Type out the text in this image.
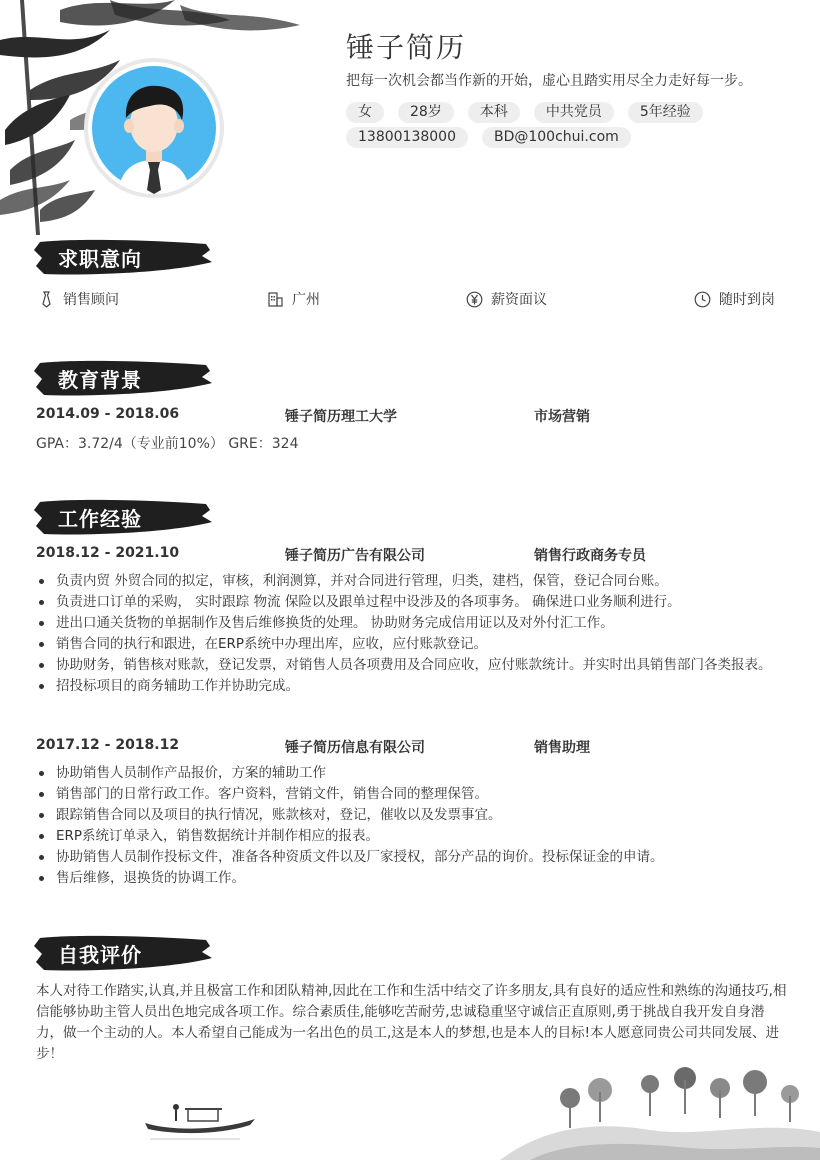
锤子简历
把每一次机会都当作新的开始，虚心且踏实用尽全力走好每一步。
女	28岁	本科	中共党员	5年经验
13800138000	BD@100chui.com
求职意向
销售顾问	广州	薪资面议	随时到岗
教育背景
2014.09 - 2018.06	锤子简历理工大学	市场营销
GPA：3.72/4（专业前10%） GRE：324
工作经验
2018.12 - 2021.10	锤子简历广告有限公司	销售行政商务专员
负责内贸 外贸合同的拟定，审核，利润测算，并对合同进行管理，归类，建档，保管，登记合同台账。
负责进口订单的采购， 实时跟踪 物流 保险以及跟单过程中设涉及的各项事务。 确保进口业务顺利进行。
进出口通关货物的单据制作及售后维修换货的处理。 协助财务完成信用证以及对外付汇工作。
销售合同的执行和跟进，在ERP系统中办理出库，应收，应付账款登记。
协助财务，销售核对账款，登记发票，对销售人员各项费用及合同应收，应付账款统计。并实时出具销售部门各类报表。
招投标项目的商务辅助工作并协助完成。
2017.12 - 2018.12	锤子简历信息有限公司	销售助理
协助销售人员制作产品报价，方案的辅助工作
销售部门的日常行政工作。客户资料，营销文件，销售合同的整理保管。
跟踪销售合同以及项目的执行情况，账款核对，登记，催收以及发票事宜。
ERP系统订单录入，销售数据统计并制作相应的报表。
协助销售人员制作投标文件，准备各种资质文件以及厂家授权，部分产品的询价。投标保证金的申请。
售后维修，退换货的协调工作。
自我评价
本人对待工作踏实,认真,并且极富工作和团队精神,因此在工作和生活中结交了许多朋友,具有良好的适应性和熟练的沟通技巧,相信能够协助主管人员出色地完成各项工作。综合素质佳,能够吃苦耐劳,忠诚稳重坚守诚信正直原则,勇于挑战自我开发自身潜力，做一个主动的人。本人希望自己能成为一名出色的员工,这是本人的梦想,也是本人的目标!本人愿意同贵公司共同发展、进步！
